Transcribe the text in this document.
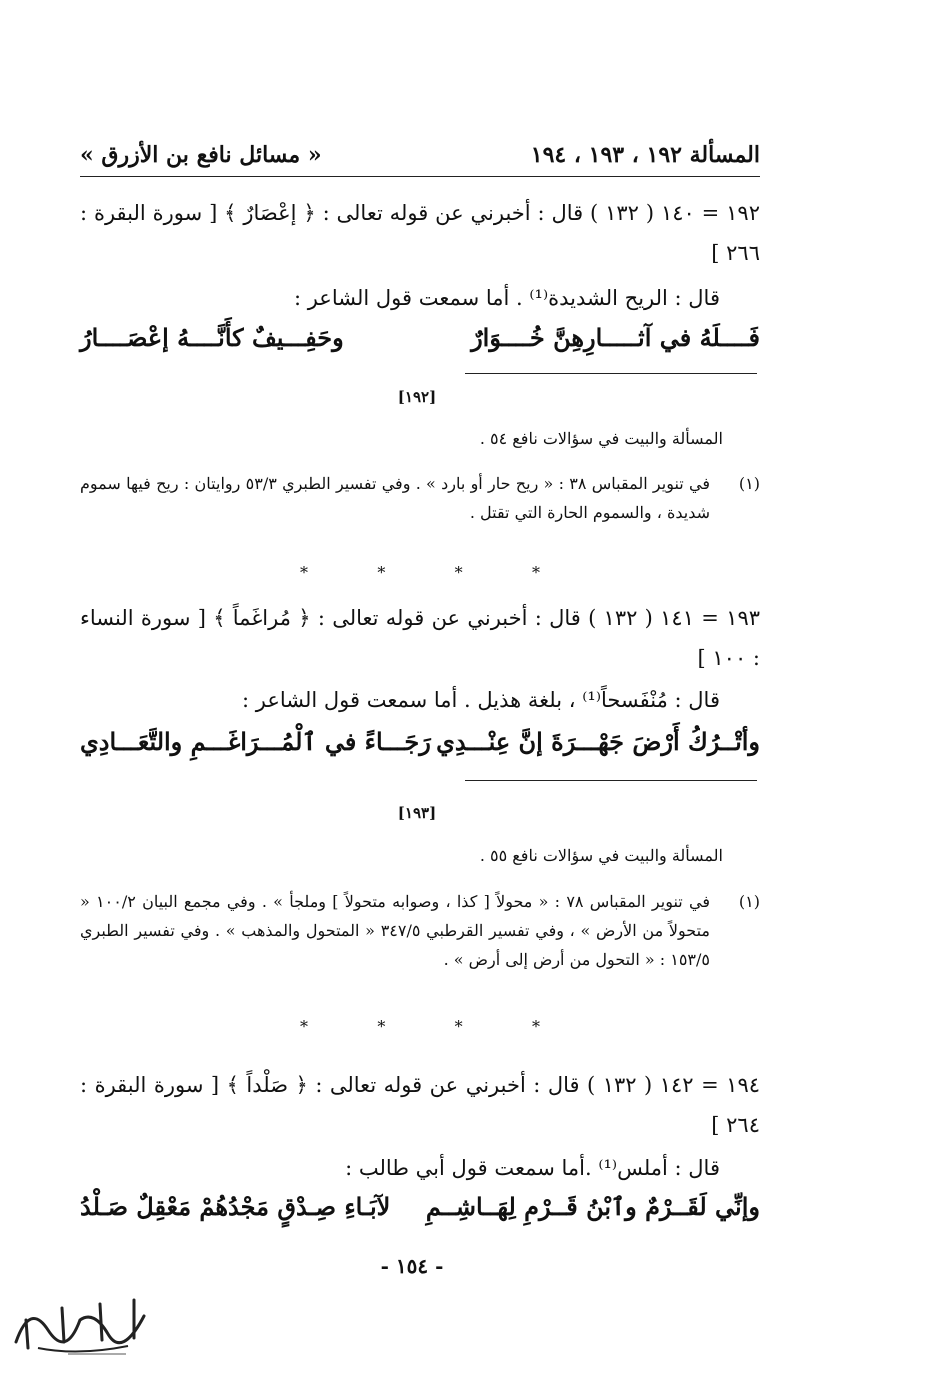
المسألة ١٩٢ ، ١٩٣ ، ١٩٤
« مسائل نافع بن الأزرق »
١٩٢ = ١٤٠ ( ١٣٢ ) قال : أخبرني عن قوله تعالى : ﴿ إعْصَارٌ ﴾ [ سورة البقرة : ٢٦٦ ]
قال : الريح الشديدة⁽¹⁾ . أما سمعت قول الشاعر :
فَــــلَهُ في آثـــــارِهِنَّ خُــــوَارٌ
وحَفِـــيفٌ كأَنَّــــهُ إعْصَــــارُ
[١٩٢]
المسألة والبيت في سؤالات نافع ٥٤ .
(١)
في تنوير المقباس ٣٨ : « ريح حار أو بارد » . وفي تفسير الطبري ٥٣/٣ روايتان : ريح فيها سموم شديدة ، والسموم الحارة التي تقتل .
*	*	*	*
١٩٣ = ١٤١ ( ١٣٢ ) قال : أخبرني عن قوله تعالى : ﴿ مُراغَماً ﴾ [ سورة النساء : ١٠٠ ]
قال : مُنْفَسحاً⁽¹⁾ ، بلغة هذيل . أما سمعت قول الشاعر :
وأتْــرُكُ أَرْضَ جَهْـــرَةَ إنَّ عِنْـــدِي
رَجَـــاءً في ٱلْمُـــرَاغَـــمِ والتَّعَـــادِي
[١٩٣]
المسألة والبيت في سؤالات نافع ٥٥ .
(١)
في تنوير المقباس ٧٨ : « محولاً [ كذا ، وصوابه متحولاً ] وملجأ » . وفي مجمع البيان ١٠٠/٢ « متحولاً من الأرض » ، وفي تفسير القرطبي ٣٤٧/٥ « المتحول والمذهب » . وفي تفسير الطبري ١٥٣/٥ : « التحول من أرض إلى أرض » .
*	*	*	*
١٩٤ = ١٤٢ ( ١٣٢ ) قال : أخبرني عن قوله تعالى : ﴿ صَلْداً ﴾ [ سورة البقرة : ٢٦٤ ]
قال : أملس⁽¹⁾ .أما سمعت قول أبي طالب :
وإنِّي لَقَــرْمٌ وٱبْنُ قَــرْمِ لِهَــاشِــمِ
لآبَـاءِ صِـدْقٍ مَجْدُهُمْ مَعْقِلٌ صَـلْدُ
- ١٥٤ -
